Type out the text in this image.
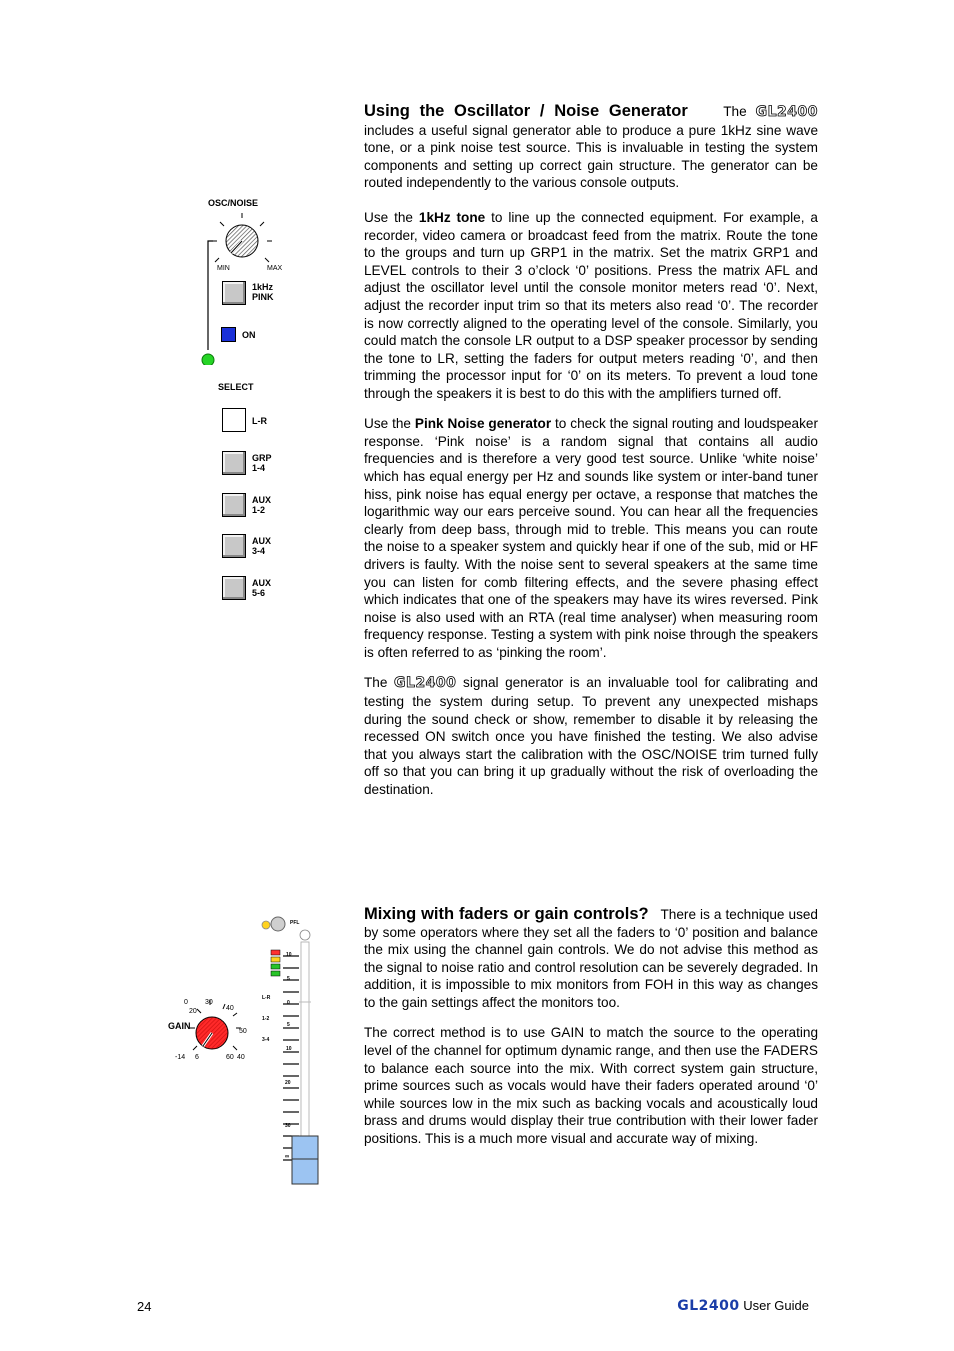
Using the Oscillator / Noise Generator	The GL2400 includes a useful signal generator able to produce a pure 1kHz sine wave tone, or a pink noise test source. This is invaluable in testing the system components and setting up correct gain structure. The generator can be routed independently to the various console outputs.

Use the 1kHz tone to line up the connected equipment. For example, a recorder, video camera or broadcast feed from the matrix. Route the tone to the groups and turn up GRP1 in the matrix. Set the matrix GRP1 and LEVEL controls to their 3 o’clock ‘0’ positions. Press the matrix AFL and adjust the oscillator level until the console monitor meters read ‘0’. Next, adjust the recorder input trim so that its meters also read ‘0’. The recorder is now correctly aligned to the operating level of the console. Similarly, you could match the console LR output to a DSP speaker processor by sending the tone to LR, setting the faders for output meters reading ‘0’, and then trimming the processor input for ‘0’ on its meters. To prevent a loud tone through the speakers it is best to do this with the amplifiers turned off.

Use the Pink Noise generator to check the signal routing and loudspeaker response. ‘Pink noise’ is a random signal that contains all audio frequencies and is therefore a very good test source. Unlike ‘white noise’ which has equal energy per Hz and sounds like system or inter-band tuner hiss, pink noise has equal energy per octave, a response that matches the logarithmic way our ears perceive sound. You can hear all the frequencies clearly from deep bass, through mid to treble. This means you can route the noise to a speaker system and quickly hear if one of the sub, mid or HF drivers is faulty. With the noise sent to several speakers at the same time you can listen for comb filtering effects, and the severe phasing effect which indicates that one of the speakers may have its wires reversed. Pink noise is also used with an RTA (real time analyser) when measuring room frequency response. Testing a system with pink noise through the speakers is often referred to as ‘pinking the room’.

The GL2400 signal generator is an invaluable tool for calibrating and testing the system during setup. To prevent any unexpected mishaps during the sound check or show, remember to disable it by releasing the recessed ON switch once you have finished the testing. We also advise that you always start the calibration with the OSC/NOISE trim turned fully off so that you can bring it up gradually without the risk of overloading the destination.

Mixing with faders or gain controls? There is a technique used by some operators where they set all the faders to ‘0’ position and balance the mix using the channel gain controls. We do not advise this method as the signal to noise ratio and control resolution can be severely degraded. In addition, it is impossible to mix monitors from FOH in this way as changes to the gain settings affect the monitors too.

The correct method is to use GAIN to match the source to the operating level of the channel for optimum dynamic range, and then use the FADERS to balance each source into the mix. With correct system gain structure, prime sources such as vocals would have their faders operated around ‘0’ while sources low in the mix such as backing vocals and acoustically loud brass and drums would display their true contribution with their lower fader positions. This is a much more visual and accurate way of mixing.

OSC/NOISE
MIN	MAX
1kHz
PINK
ON
SELECT
L-R
GRP
1-4
AUX
1-2
AUX
3-4
AUX
5-6
GAIN
0
20
30
40
50
-14 6	60 40
PFL
L-R
1-2
3-4
10
5
0
5
10
20
30
∞
24	GL2400 User Guide
